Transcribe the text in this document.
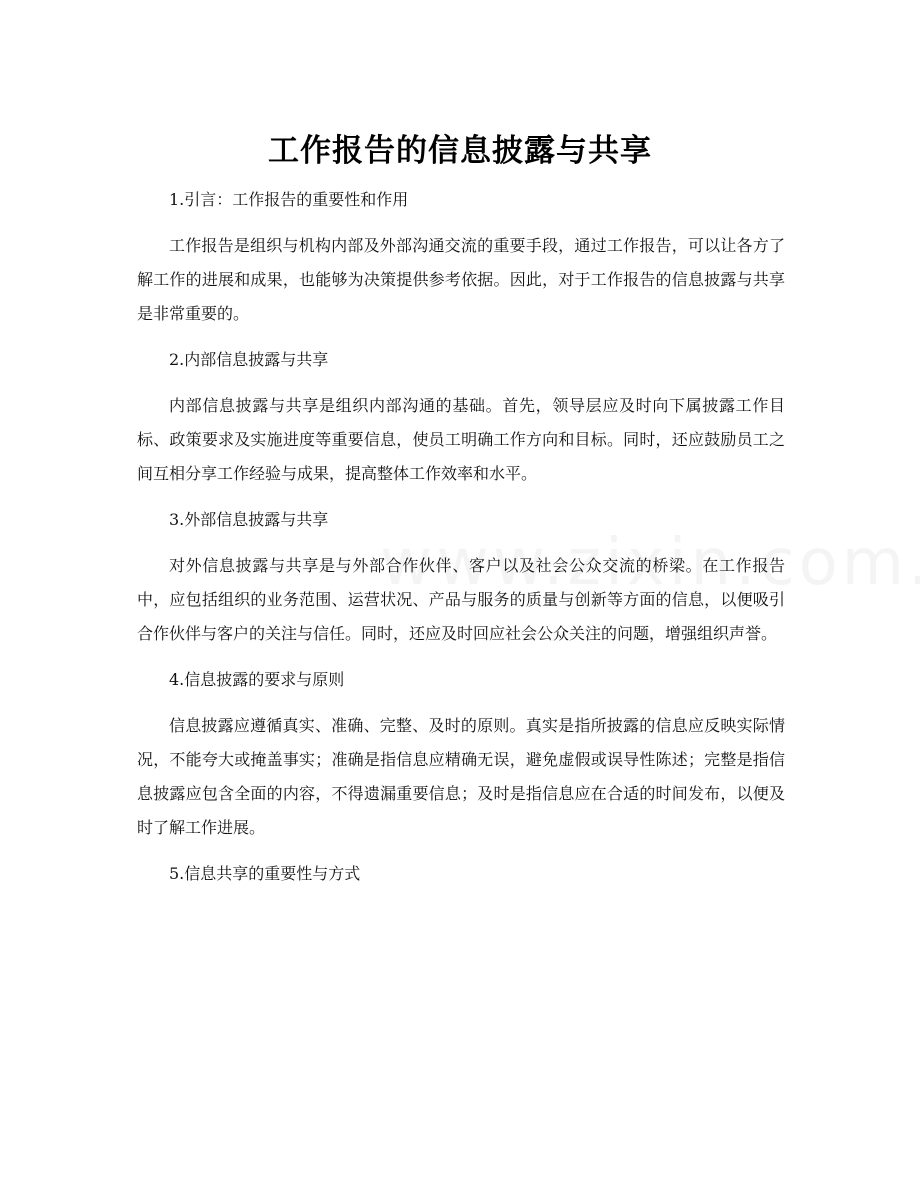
工作报告的信息披露与共享
1.引言：工作报告的重要性和作用

工作报告是组织与机构内部及外部沟通交流的重要手段，通过工作报告，可以让各方了解工作的进展和成果，也能够为决策提供参考依据。因此，对于工作报告的信息披露与共享是非常重要的。

2.内部信息披露与共享

内部信息披露与共享是组织内部沟通的基础。首先，领导层应及时向下属披露工作目标、政策要求及实施进度等重要信息，使员工明确工作方向和目标。同时，还应鼓励员工之间互相分享工作经验与成果，提高整体工作效率和水平。

3.外部信息披露与共享

对外信息披露与共享是与外部合作伙伴、客户以及社会公众交流的桥梁。在工作报告中，应包括组织的业务范围、运营状况、产品与服务的质量与创新等方面的信息，以便吸引合作伙伴与客户的关注与信任。同时，还应及时回应社会公众关注的问题，增强组织声誉。

4.信息披露的要求与原则

信息披露应遵循真实、准确、完整、及时的原则。真实是指所披露的信息应反映实际情况，不能夸大或掩盖事实；准确是指信息应精确无误，避免虚假或误导性陈述；完整是指信息披露应包含全面的内容，不得遗漏重要信息；及时是指信息应在合适的时间发布，以便及时了解工作进展。

5.信息共享的重要性与方式
